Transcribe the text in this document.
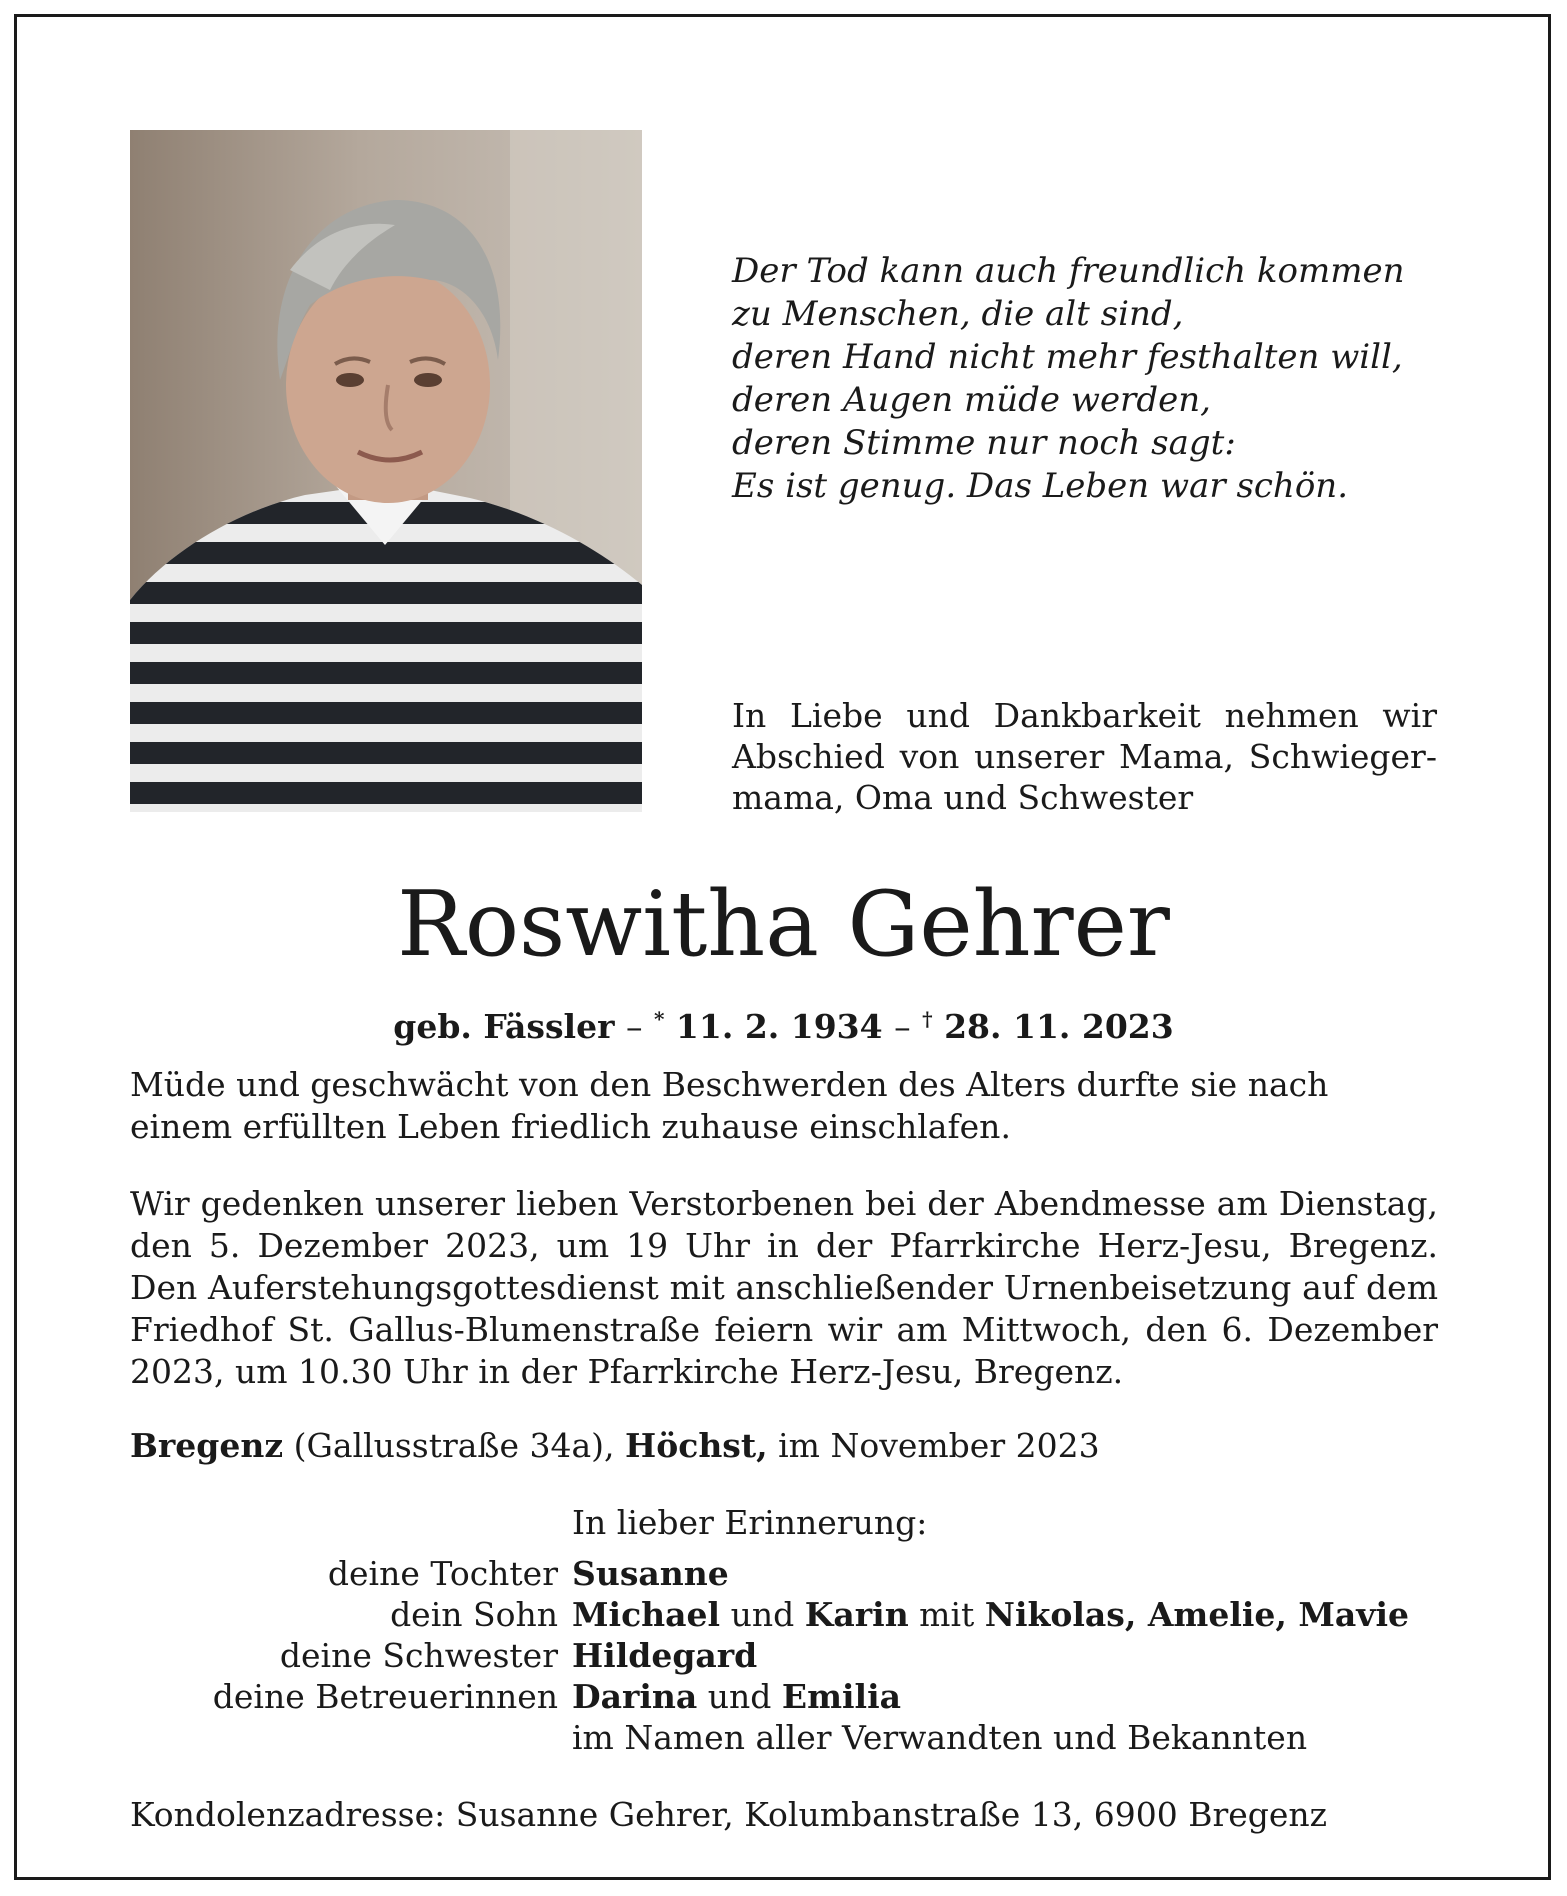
Der Tod kann auch freundlich kommen
zu Menschen, die alt sind,
deren Hand nicht mehr festhalten will,
deren Augen müde werden,
deren Stimme nur noch sagt:
Es ist genug. Das Leben war schön.
In Liebe und Dankbarkeit nehmen wir Abschied von unserer Mama, Schwiegermama, Oma und Schwester
Roswitha Gehrer
geb. Fässler – * 11. 2. 1934 – † 28. 11. 2023
Müde und geschwächt von den Beschwerden des Alters durfte sie nach einem erfüllten Leben friedlich zuhause einschlafen.
Wir gedenken unserer lieben Verstorbenen bei der Abendmesse am Dienstag, den 5. Dezember 2023, um 19 Uhr in der Pfarrkirche Herz-Jesu, Bregenz. Den Auferstehungsgottesdienst mit anschließender Urnenbeisetzung auf dem Friedhof St. Gallus-Blumenstraße feiern wir am Mittwoch, den 6. Dezember 2023, um 10.30 Uhr in der Pfarrkirche Herz-Jesu, Bregenz.
Bregenz (Gallusstraße 34a), Höchst, im November 2023
In lieber Erinnerung:
deine Tochter Susanne
dein Sohn Michael und Karin mit Nikolas, Amelie, Mavie
deine Schwester Hildegard
deine Betreuerinnen Darina und Emilia
im Namen aller Verwandten und Bekannten
Kondolenzadresse: Susanne Gehrer, Kolumbanstraße 13, 6900 Bregenz
